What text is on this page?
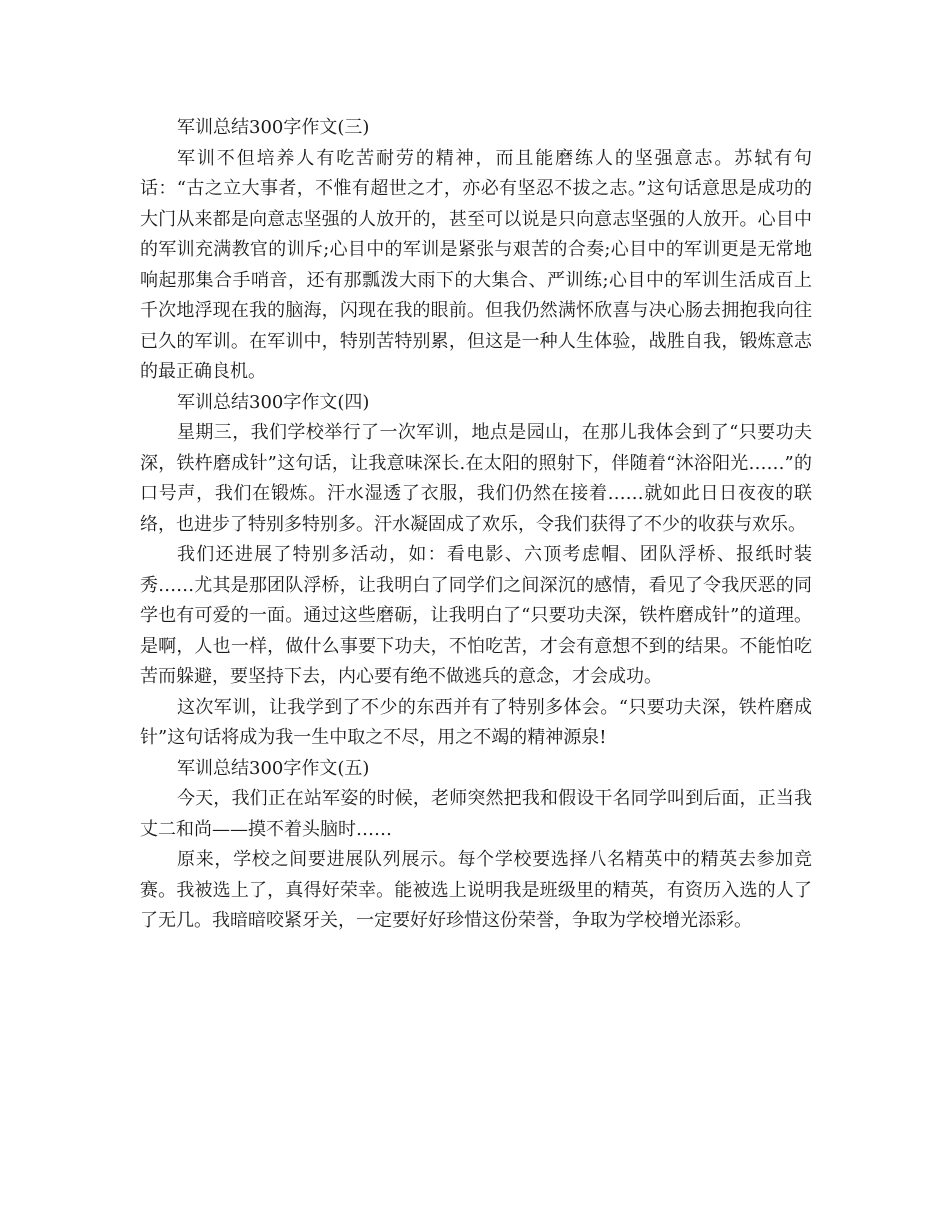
军训总结300字作文(三)

军训不但培养人有吃苦耐劳的精神，而且能磨练人的坚强意志。苏轼有句话：“古之立大事者，不惟有超世之才，亦必有坚忍不拔之志。”这句话意思是成功的大门从来都是向意志坚强的人放开的，甚至可以说是只向意志坚强的人放开。心目中的军训充满教官的训斥;心目中的军训是紧张与艰苦的合奏;心目中的军训更是无常地响起那集合手哨音，还有那瓢泼大雨下的大集合、严训练;心目中的军训生活成百上千次地浮现在我的脑海，闪现在我的眼前。但我仍然满怀欣喜与决心肠去拥抱我向往已久的军训。在军训中，特别苦特别累，但这是一种人生体验，战胜自我，锻炼意志的最正确良机。

军训总结300字作文(四)

星期三，我们学校举行了一次军训，地点是园山，在那儿我体会到了“只要功夫深，铁杵磨成针”这句话，让我意味深长.在太阳的照射下，伴随着“沐浴阳光……”的口号声，我们在锻炼。汗水湿透了衣服，我们仍然在接着……就如此日日夜夜的联络，也进步了特别多特别多。汗水凝固成了欢乐，令我们获得了不少的收获与欢乐。

我们还进展了特别多活动，如：看电影、六顶考虑帽、团队浮桥、报纸时装秀……尤其是那团队浮桥，让我明白了同学们之间深沉的感情，看见了令我厌恶的同学也有可爱的一面。通过这些磨砺，让我明白了“只要功夫深，铁杵磨成针”的道理。是啊，人也一样，做什么事要下功夫，不怕吃苦，才会有意想不到的结果。不能怕吃苦而躲避，要坚持下去，内心要有绝不做逃兵的意念，才会成功。

这次军训，让我学到了不少的东西并有了特别多体会。“只要功夫深，铁杵磨成针”这句话将成为我一生中取之不尽，用之不竭的精神源泉!

军训总结300字作文(五)

今天，我们正在站军姿的时候，老师突然把我和假设干名同学叫到后面，正当我丈二和尚——摸不着头脑时……

原来，学校之间要进展队列展示。每个学校要选择八名精英中的精英去参加竞赛。我被选上了，真得好荣幸。能被选上说明我是班级里的精英，有资历入选的人了了无几。我暗暗咬紧牙关，一定要好好珍惜这份荣誉，争取为学校增光添彩。
